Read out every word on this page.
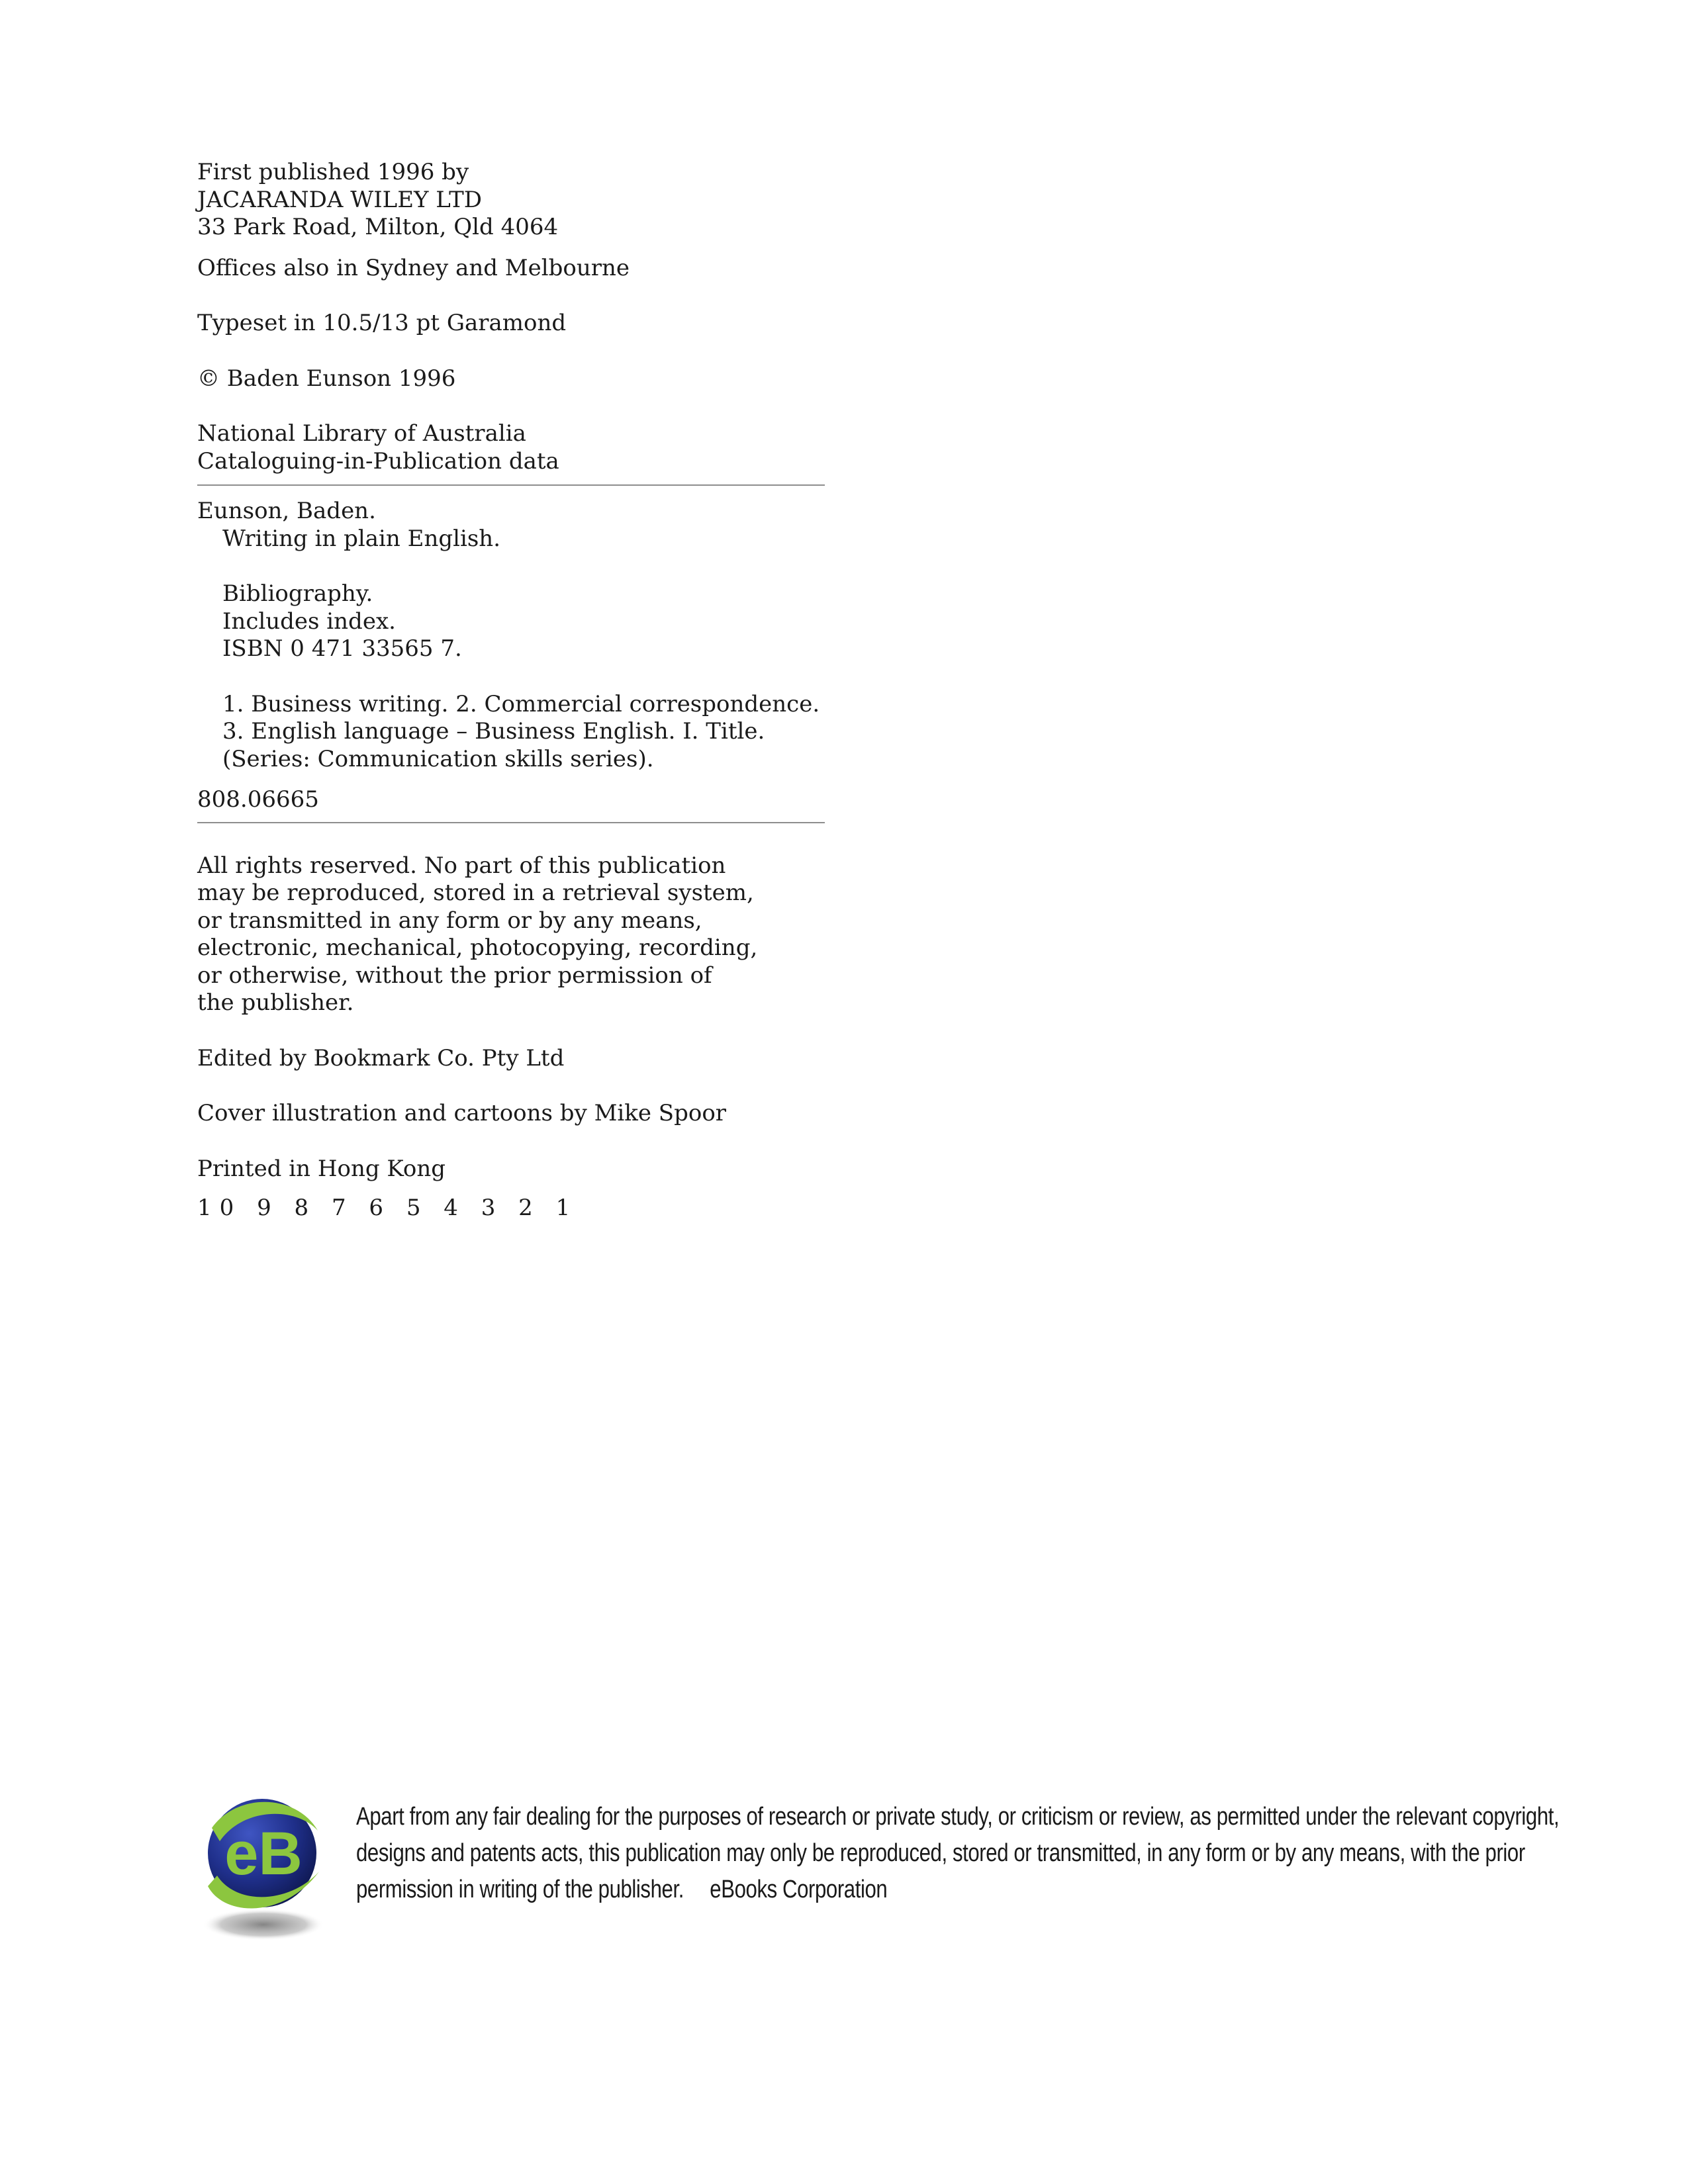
First published 1996 by
JACARANDA WILEY LTD
33 Park Road, Milton, Qld 4064
Offices also in Sydney and Melbourne
Typeset in 10.5/13 pt Garamond
© Baden Eunson 1996
National Library of Australia
Cataloguing-in-Publication data
Eunson, Baden.
Writing in plain English.
Bibliography.
Includes index.
ISBN 0 471 33565 7.
1. Business writing. 2. Commercial correspondence.
3. English language – Business English. I. Title.
(Series: Communication skills series).
808.06665
All rights reserved. No part of this publication
may be reproduced, stored in a retrieval system,
or transmitted in any form or by any means,
electronic, mechanical, photocopying, recording,
or otherwise, without the prior permission of
the publisher.
Edited by Bookmark Co. Pty Ltd
Cover illustration and cartoons by Mike Spoor
Printed in Hong Kong
10 9 8 7 6 5 4 3 2 1
eB
Apart from any fair dealing for the purposes of research or private study, or criticism or review, as permitted under the relevant copyright,
designs and patents acts, this publication may only be reproduced, stored or transmitted, in any form or by any means, with the prior
permission in writing of the publisher. eBooks Corporation
